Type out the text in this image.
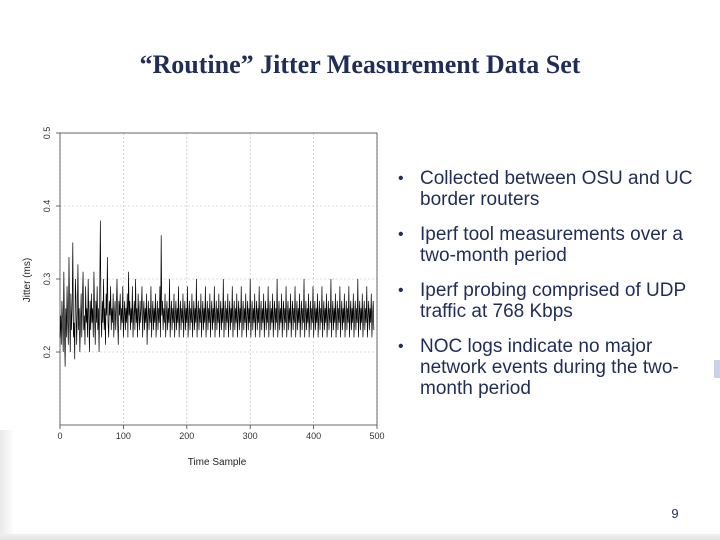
“Routine” Jitter Measurement Data Set
0	100	200	300	400	500
0.2
0.3
0.4
0.5
Time Sample
Jitter (ms)
• Collected between OSU and UC border routers
• Iperf tool measurements over a two-month period
• Iperf probing comprised of UDP traffic at 768 Kbps
• NOC logs indicate no major network events during the two-month period
9
